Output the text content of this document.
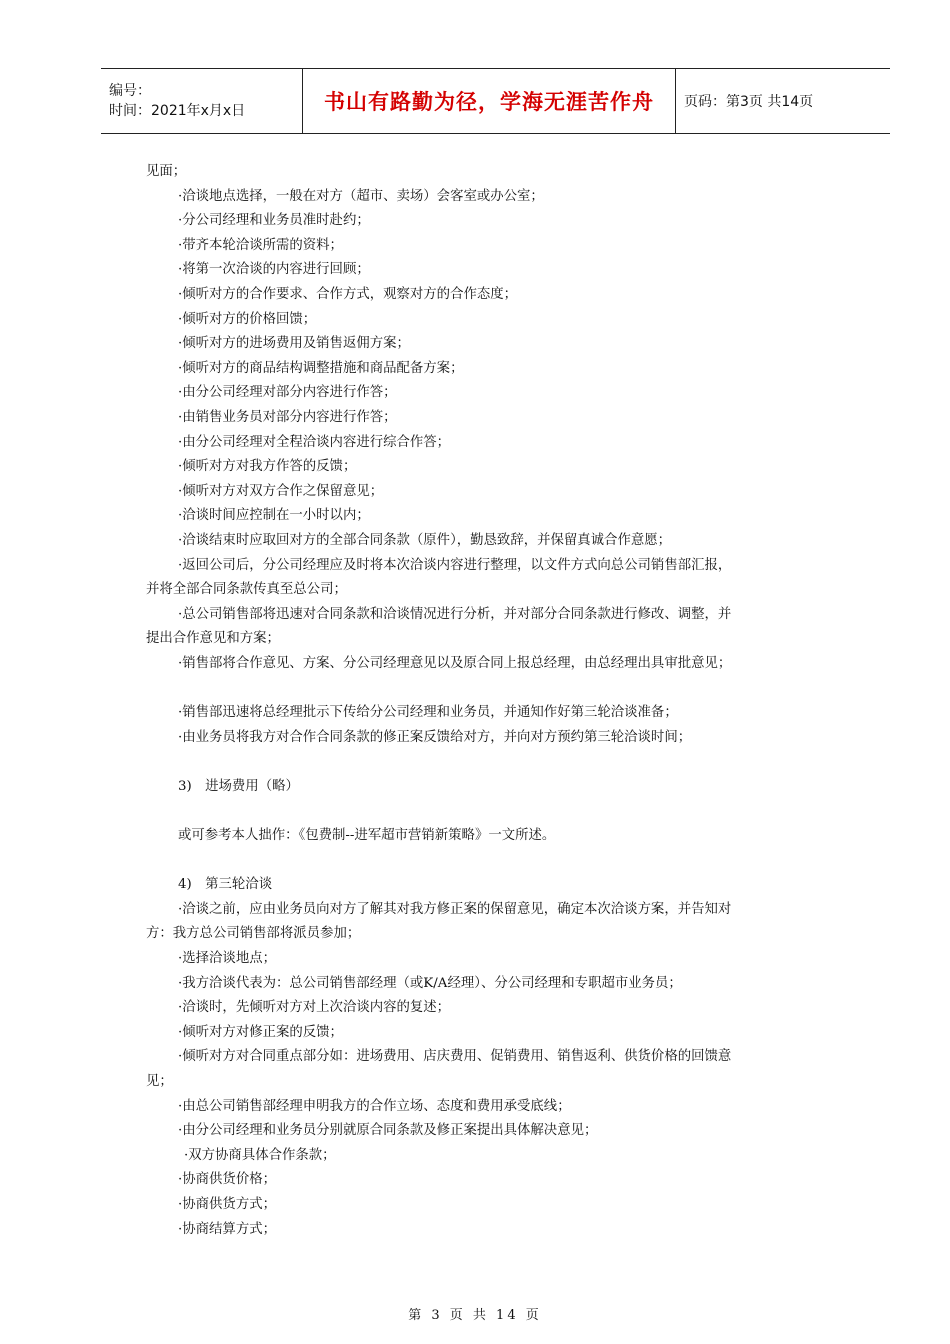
编号：
时间：2021年x月x日	书山有路勤为径，学海无涯苦作舟 页码：第3页 共14页
见面；
·洽谈地点选择，一般在对方（超市、卖场）会客室或办公室；
·分公司经理和业务员准时赴约；
·带齐本轮洽谈所需的资料；
·将第一次洽谈的内容进行回顾；
·倾听对方的合作要求、合作方式，观察对方的合作态度；
·倾听对方的价格回馈；
·倾听对方的进场费用及销售返佣方案；
·倾听对方的商品结构调整措施和商品配备方案；
·由分公司经理对部分内容进行作答；
·由销售业务员对部分内容进行作答；
·由分公司经理对全程洽谈内容进行综合作答；
·倾听对方对我方作答的反馈；
·倾听对方对双方合作之保留意见；
·洽谈时间应控制在一小时以内；
·洽谈结束时应取回对方的全部合同条款（原件），勤恳致辞，并保留真诚合作意愿；
·返回公司后，分公司经理应及时将本次洽谈内容进行整理，以文件方式向总公司销售部汇报，
并将全部合同条款传真至总公司；
·总公司销售部将迅速对合同条款和洽谈情况进行分析，并对部分合同条款进行修改、调整，并
提出合作意见和方案；
·销售部将合作意见、方案、分公司经理意见以及原合同上报总经理，由总经理出具审批意见；
·销售部迅速将总经理批示下传给分公司经理和业务员，并通知作好第三轮洽谈准备；
·由业务员将我方对合作合同条款的修正案反馈给对方，并向对方预约第三轮洽谈时间；
3)　进场费用（略）
或可参考本人拙作：《包费制--进军超市营销新策略》一文所述。
4)　第三轮洽谈
·洽谈之前，应由业务员向对方了解其对我方修正案的保留意见，确定本次洽谈方案，并告知对
方：我方总公司销售部将派员参加；
·选择洽谈地点；
·我方洽谈代表为：总公司销售部经理（或K/A经理）、分公司经理和专职超市业务员；
·洽谈时，先倾听对方对上次洽谈内容的复述；
·倾听对方对修正案的反馈；
·倾听对方对合同重点部分如：进场费用、店庆费用、促销费用、销售返利、供货价格的回馈意
见；
·由总公司销售部经理申明我方的合作立场、态度和费用承受底线；
·由分公司经理和业务员分别就原合同条款及修正案提出具体解决意见；
·双方协商具体合作条款；
·协商供货价格；
·协商供货方式；
·协商结算方式；
第 3 页 共 14 页
